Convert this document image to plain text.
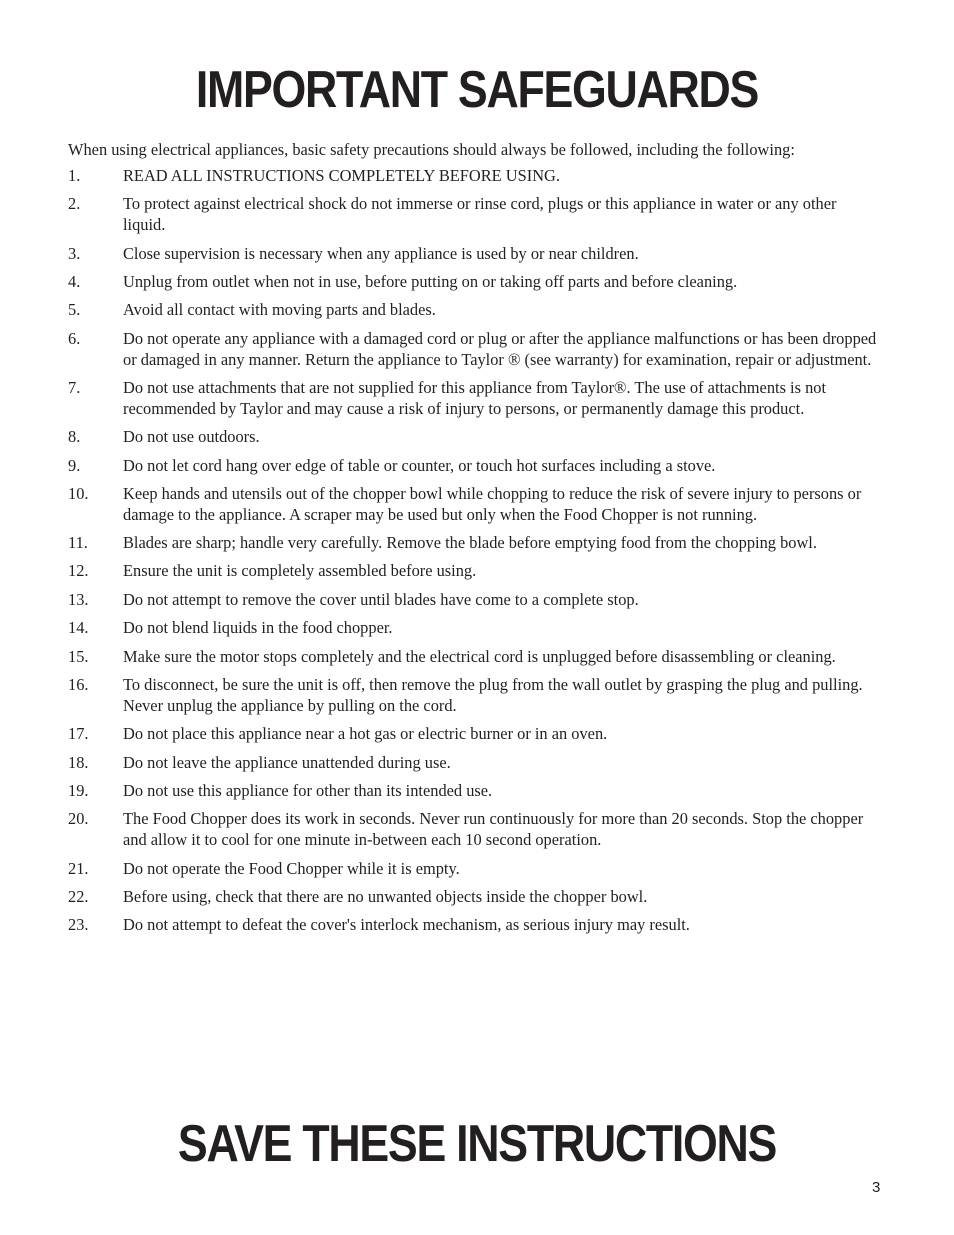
IMPORTANT SAFEGUARDS

When using electrical appliances, basic safety precautions should always be followed, including the following:

1.	READ ALL INSTRUCTIONS COMPLETELY BEFORE USING.
2.	To protect against electrical shock do not immerse or rinse cord, plugs or this appliance in water or any other liquid.
3.	Close supervision is necessary when any appliance is used by or near children.
4.	Unplug from outlet when not in use, before putting on or taking off parts and before cleaning.
5.	Avoid all contact with moving parts and blades.
6.	Do not operate any appliance with a damaged cord or plug or after the appliance malfunctions or has been dropped or damaged in any manner. Return the appliance to Taylor ® (see warranty) for examination, repair or adjustment.
7.	Do not use attachments that are not supplied for this appliance from Taylor®. The use of attachments is not recommended by Taylor and may cause a risk of injury to persons, or permanently damage this product.
8.	Do not use outdoors.
9.	Do not let cord hang over edge of table or counter, or touch hot surfaces including a stove.
10. Keep hands and utensils out of the chopper bowl while chopping to reduce the risk of severe injury to persons or damage to the appliance. A scraper may be used but only when the Food Chopper is not running.
11. Blades are sharp; handle very carefully. Remove the blade before emptying food from the chopping bowl.
12. Ensure the unit is completely assembled before using.
13. Do not attempt to remove the cover until blades have come to a complete stop.
14. Do not blend liquids in the food chopper.
15. Make sure the motor stops completely and the electrical cord is unplugged before disassembling or cleaning.
16. To disconnect, be sure the unit is off, then remove the plug from the wall outlet by grasping the plug and pulling. Never unplug the appliance by pulling on the cord.
17. Do not place this appliance near a hot gas or electric burner or in an oven.
18. Do not leave the appliance unattended during use.
19. Do not use this appliance for other than its intended use.
20. The Food Chopper does its work in seconds. Never run continuously for more than 20 seconds. Stop the chopper and allow it to cool for one minute in-between each 10 second operation.
21. Do not operate the Food Chopper while it is empty.
22. Before using, check that there are no unwanted objects inside the chopper bowl.
23. Do not attempt to defeat the cover's interlock mechanism, as serious injury may result.
SAVE THESE INSTRUCTIONS
3
